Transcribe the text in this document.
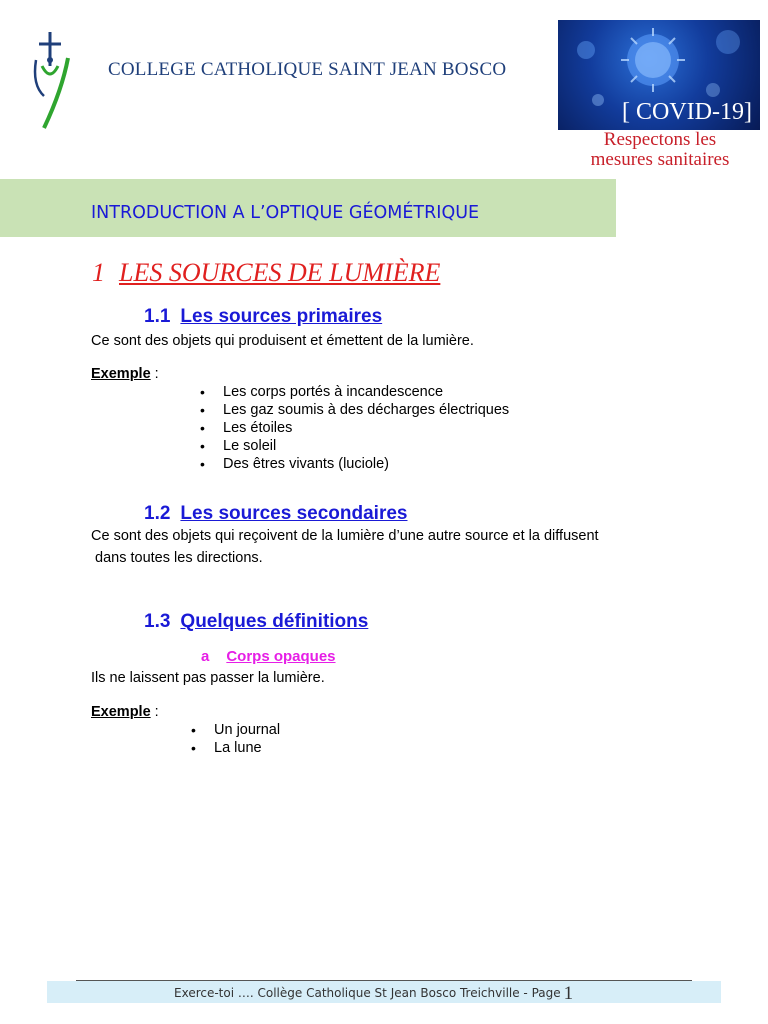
COLLEGE CATHOLIQUE SAINT JEAN BOSCO
[ COVID-19]
Respectons les
mesures sanitaires
INTRODUCTION A L’OPTIQUE GÉOMÉTRIQUE
1 LES SOURCES DE LUMIÈRE
1.1 Les sources primaires
Ce sont des objets qui produisent et émettent de la lumière.
Exemple :
• Les corps portés à incandescence
• Les gaz soumis à des décharges électriques
• Les étoiles
• Le soleil
• Des êtres vivants (luciole)
1.2 Les sources secondaires
Ce sont des objets qui reçoivent de la lumière d’une autre source et la diffusent
dans toutes les directions.
1.3 Quelques définitions
a Corps opaques
Ils ne laissent pas passer la lumière.
Exemple :
• Un journal
• La lune
Exerce-toi …. Collège Catholique St Jean Bosco Treichville - Page 1
